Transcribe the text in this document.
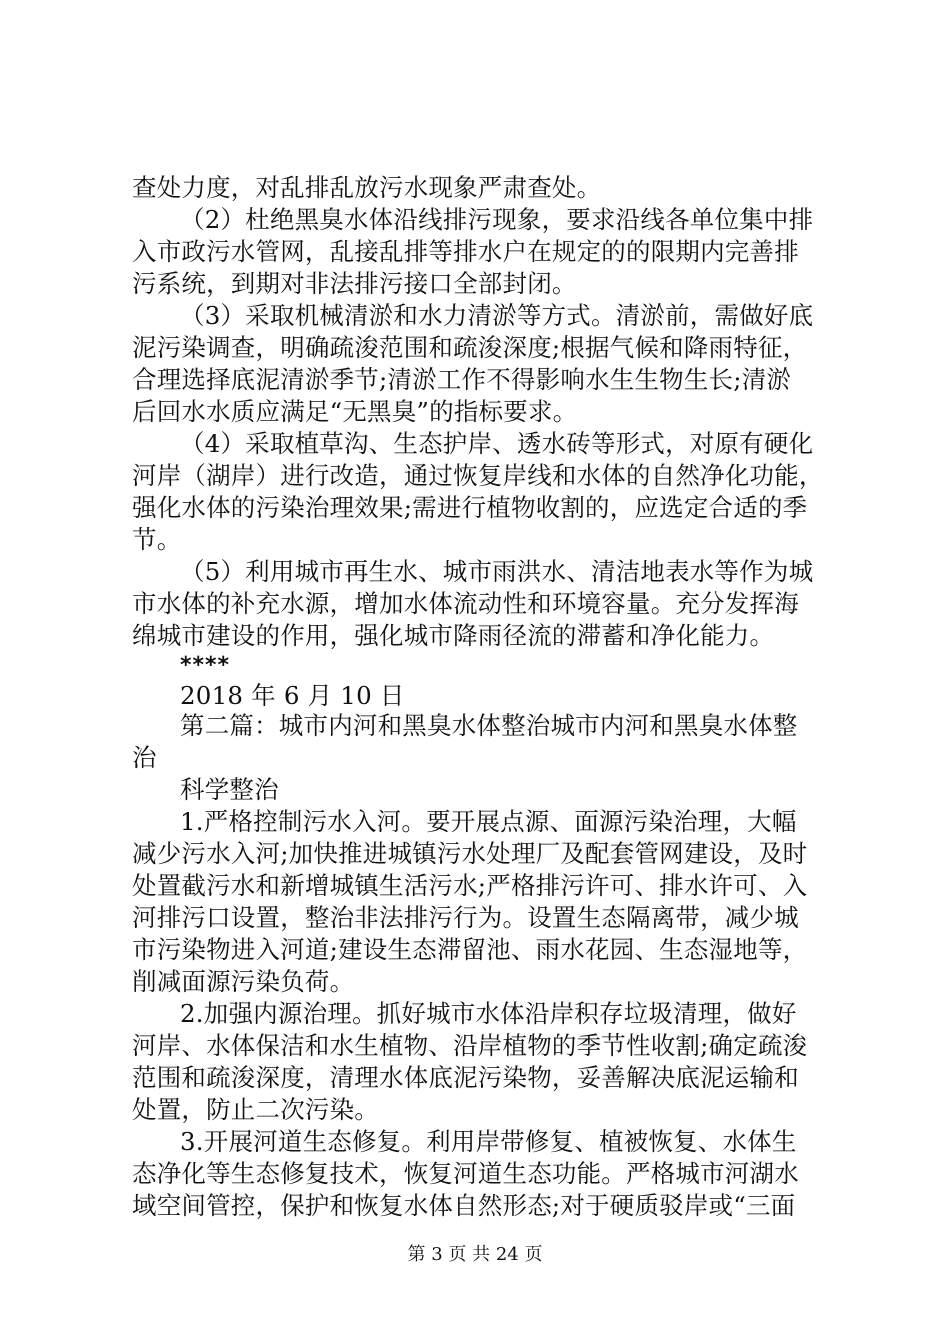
查处力度，对乱排乱放污水现象严肃查处。
（2）杜绝黑臭水体沿线排污现象，要求沿线各单位集中排
入市政污水管网，乱接乱排等排水户在规定的的限期内完善排
污系统，到期对非法排污接口全部封闭。
（3）采取机械清淤和水力清淤等方式。清淤前，需做好底
泥污染调查，明确疏浚范围和疏浚深度;根据气候和降雨特征，
合理选择底泥清淤季节;清淤工作不得影响水生生物生长;清淤
后回水水质应满足“无黑臭”的指标要求。
（4）采取植草沟、生态护岸、透水砖等形式，对原有硬化
河岸（湖岸）进行改造，通过恢复岸线和水体的自然净化功能，
强化水体的污染治理效果;需进行植物收割的，应选定合适的季
节。
（5）利用城市再生水、城市雨洪水、清洁地表水等作为城
市水体的补充水源，增加水体流动性和环境容量。充分发挥海
绵城市建设的作用，强化城市降雨径流的滞蓄和净化能力。
****
2018 年 6 月 10 日
第二篇：城市内河和黑臭水体整治城市内河和黑臭水体整
治
科学整治
1.严格控制污水入河。要开展点源、面源污染治理，大幅
减少污水入河;加快推进城镇污水处理厂及配套管网建设，及时
处置截污水和新增城镇生活污水;严格排污许可、排水许可、入
河排污口设置，整治非法排污行为。设置生态隔离带，减少城
市污染物进入河道;建设生态滞留池、雨水花园、生态湿地等，
削减面源污染负荷。
2.加强内源治理。抓好城市水体沿岸积存垃圾清理，做好
河岸、水体保洁和水生植物、沿岸植物的季节性收割;确定疏浚
范围和疏浚深度，清理水体底泥污染物，妥善解决底泥运输和
处置，防止二次污染。
3.开展河道生态修复。利用岸带修复、植被恢复、水体生
态净化等生态修复技术，恢复河道生态功能。严格城市河湖水
域空间管控，保护和恢复水体自然形态;对于硬质驳岸或“三面
第 3 页 共 24 页
